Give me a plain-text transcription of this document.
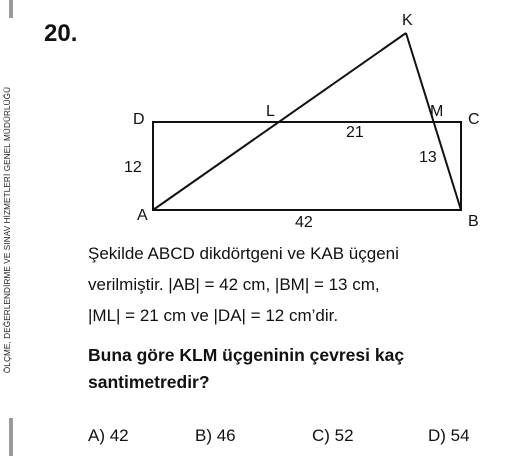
ÖLÇME, DEĞERLENDİRME VE SINAV HİZMETLERİ GENEL MÜDÜRLÜĞÜ
20.	K
D	L	M C
A	B
21
13
12
42
Şekilde ABCD dikdörtgeni ve KAB üçgeni
verilmiştir. |AB| = 42 cm, |BM| = 13 cm,
|ML| = 21 cm ve |DA| = 12 cm’dir.
Buna göre KLM üçgeninin çevresi kaç
santimetredir?
A) 42	B) 46	C) 52	D) 54
